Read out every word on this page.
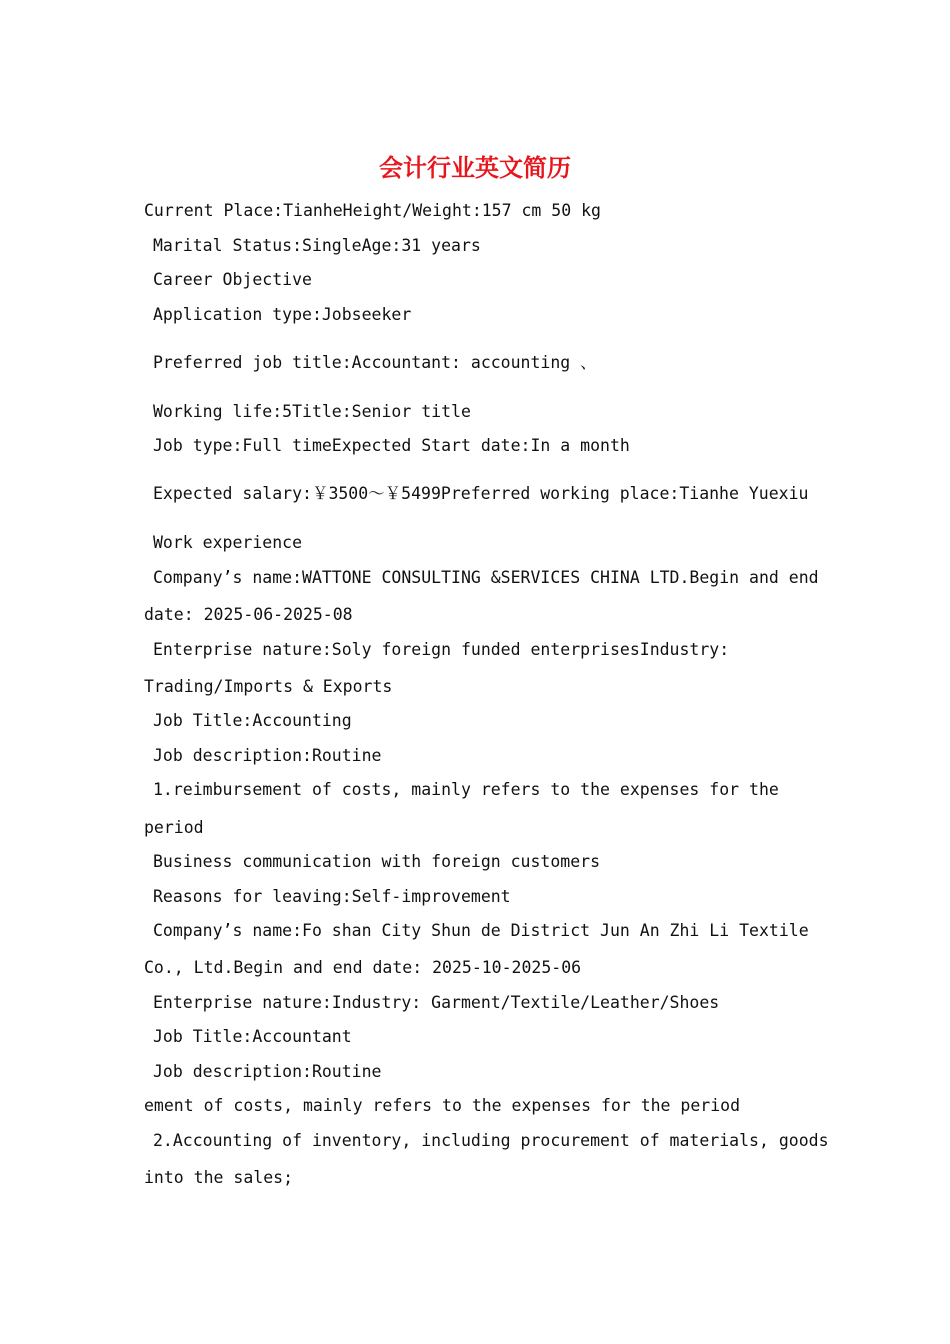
会计行业英文简历
Current Place:TianheHeight/Weight:157 cm 50 kg
Marital Status:SingleAge:31 years
Career Objective
Application type:Jobseeker
Preferred job title:Accountant: accounting 、
Working life:5Title:Senior title
Job type:Full timeExpected Start date:In a month
Expected salary:￥3500～￥5499Preferred working place:Tianhe Yuexiu
Work experience
Company’s name:WATTONE CONSULTING &SERVICES CHINA LTD.Begin and end
date: 2025-06-2025-08
Enterprise nature:Soly foreign funded enterprisesIndustry:
Trading/Imports & Exports
Job Title:Accounting
Job description:Routine
1.reimbursement of costs, mainly refers to the expenses for the
period
Business communication with foreign customers
Reasons for leaving:Self-improvement
Company’s name:Fo shan City Shun de District Jun An Zhi Li Textile
Co., Ltd.Begin and end date: 2025-10-2025-06
Enterprise nature:Industry: Garment/Textile/Leather/Shoes
Job Title:Accountant
Job description:Routine
ement of costs, mainly refers to the expenses for the period
2.Accounting of inventory, including procurement of materials, goods
into the sales;
